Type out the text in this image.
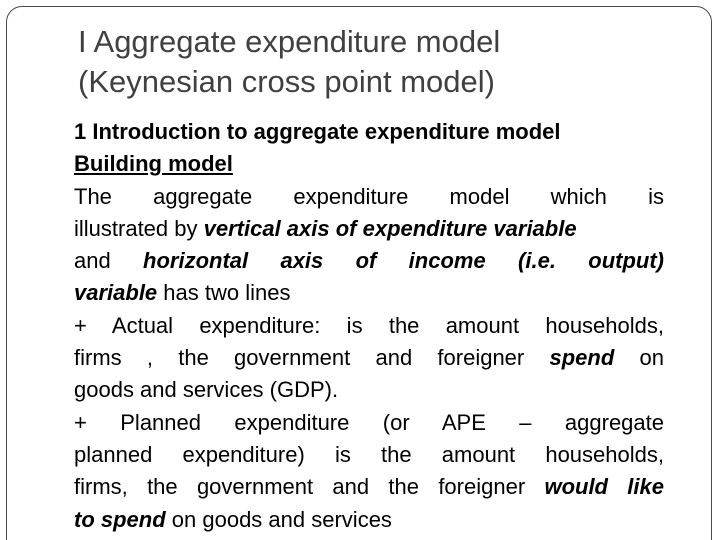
I Aggregate expenditure model
(Keynesian cross point model)
1 Introduction to aggregate expenditure model
Building model
The aggregate expenditure model which is
illustrated by vertical axis of expenditure variable
and horizontal axis of income (i.e. output)
variable has two lines
+ Actual expenditure: is the amount households,
firms , the government and foreigner spend on
goods and services (GDP).
+ Planned expenditure (or APE – aggregate
planned expenditure) is the amount households,
firms, the government and the foreigner would like
to spend on goods and services
